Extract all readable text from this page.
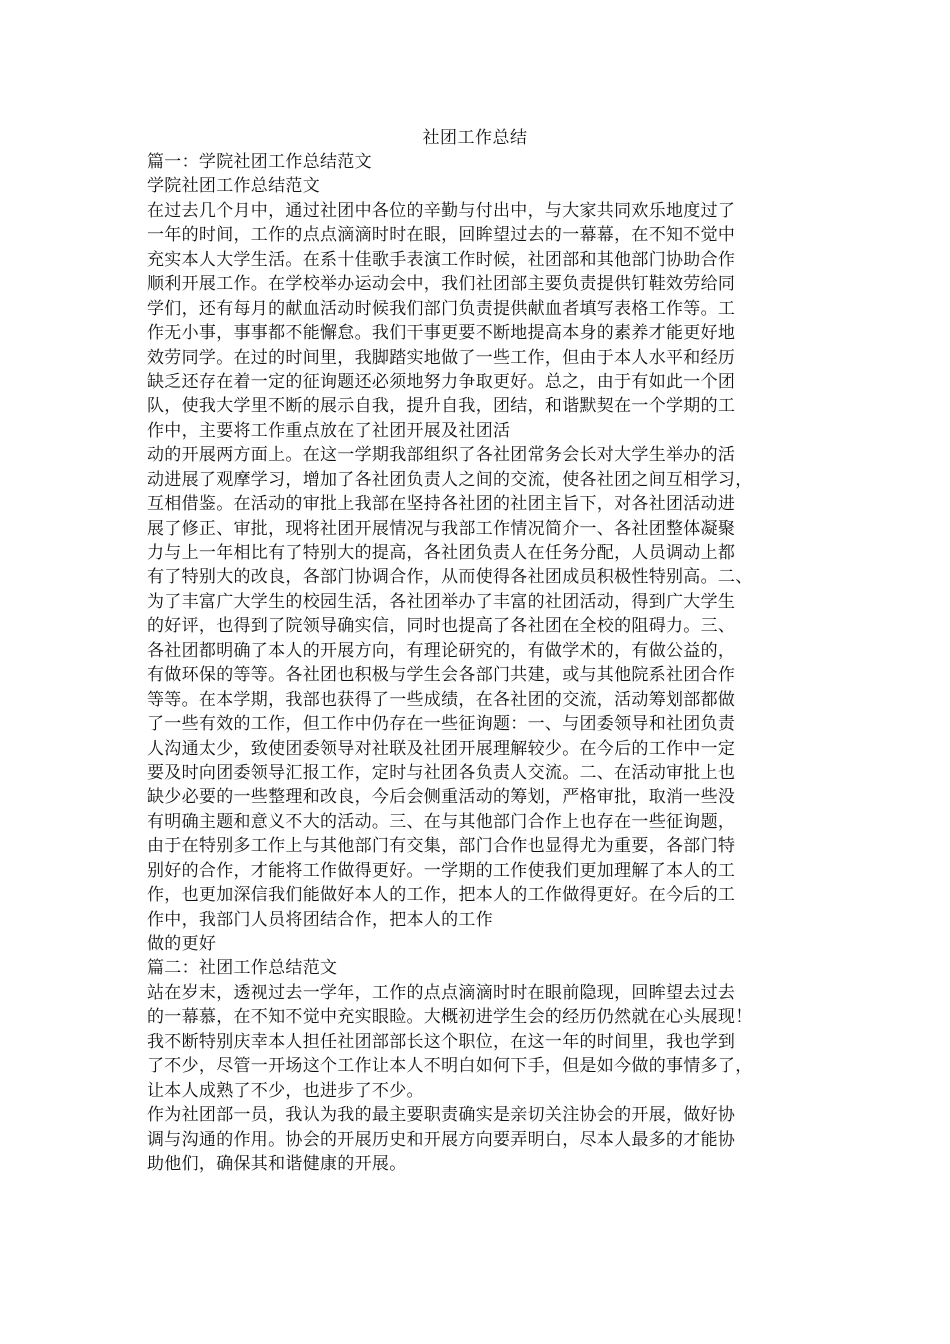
社团工作总结
篇一：学院社团工作总结范文
学院社团工作总结范文
在过去几个月中，通过社团中各位的辛勤与付出中，与大家共同欢乐地度过了
一年的时间，工作的点点滴滴时时在眼，回眸望过去的一幕幕，在不知不觉中
充实本人大学生活。在系十佳歌手表演工作时候，社团部和其他部门协助合作
顺利开展工作。在学校举办运动会中，我们社团部主要负责提供钉鞋效劳给同
学们，还有每月的献血活动时候我们部门负责提供献血者填写表格工作等。工
作无小事，事事都不能懈怠。我们干事更要不断地提高本身的素养才能更好地
效劳同学。在过的时间里，我脚踏实地做了一些工作，但由于本人水平和经历
缺乏还存在着一定的征询题还必须地努力争取更好。总之，由于有如此一个团
队，使我大学里不断的展示自我，提升自我，团结，和谐默契在一个学期的工
作中，主要将工作重点放在了社团开展及社团活
动的开展两方面上。在这一学期我部组织了各社团常务会长对大学生举办的活
动进展了观摩学习，增加了各社团负责人之间的交流，使各社团之间互相学习，
互相借鉴。在活动的审批上我部在坚持各社团的社团主旨下，对各社团活动进
展了修正、审批，现将社团开展情况与我部工作情况简介一、各社团整体凝聚
力与上一年相比有了特别大的提高，各社团负责人在任务分配，人员调动上都
有了特别大的改良，各部门协调合作，从而使得各社团成员积极性特别高。二、
为了丰富广大学生的校园生活，各社团举办了丰富的社团活动，得到广大学生
的好评，也得到了院领导确实信，同时也提高了各社团在全校的阻碍力。三、
各社团都明确了本人的开展方向，有理论研究的，有做学术的，有做公益的，
有做环保的等等。各社团也积极与学生会各部门共建，或与其他院系社团合作
等等。在本学期，我部也获得了一些成绩，在各社团的交流，活动筹划部都做
了一些有效的工作，但工作中仍存在一些征询题：一、与团委领导和社团负责
人沟通太少，致使团委领导对社联及社团开展理解较少。在今后的工作中一定
要及时向团委领导汇报工作，定时与社团各负责人交流。二、在活动审批上也
缺少必要的一些整理和改良，今后会侧重活动的筹划，严格审批，取消一些没
有明确主题和意义不大的活动。三、在与其他部门合作上也存在一些征询题，
由于在特别多工作上与其他部门有交集，部门合作也显得尤为重要，各部门特
别好的合作，才能将工作做得更好。一学期的工作使我们更加理解了本人的工
作，也更加深信我们能做好本人的工作，把本人的工作做得更好。在今后的工
作中，我部门人员将团结合作，把本人的工作
做的更好
篇二：社团工作总结范文
站在岁末，透视过去一学年，工作的点点滴滴时时在眼前隐现，回眸望去过去
的一幕慕，在不知不觉中充实眼睑。大概初进学生会的经历仍然就在心头展现！
我不断特别庆幸本人担任社团部部长这个职位，在这一年的时间里，我也学到
了不少，尽管一开场这个工作让本人不明白如何下手，但是如今做的事情多了，
让本人成熟了不少，也进步了不少。
作为社团部一员，我认为我的最主要职责确实是亲切关注协会的开展，做好协
调与沟通的作用。协会的开展历史和开展方向要弄明白，尽本人最多的才能协
助他们，确保其和谐健康的开展。
